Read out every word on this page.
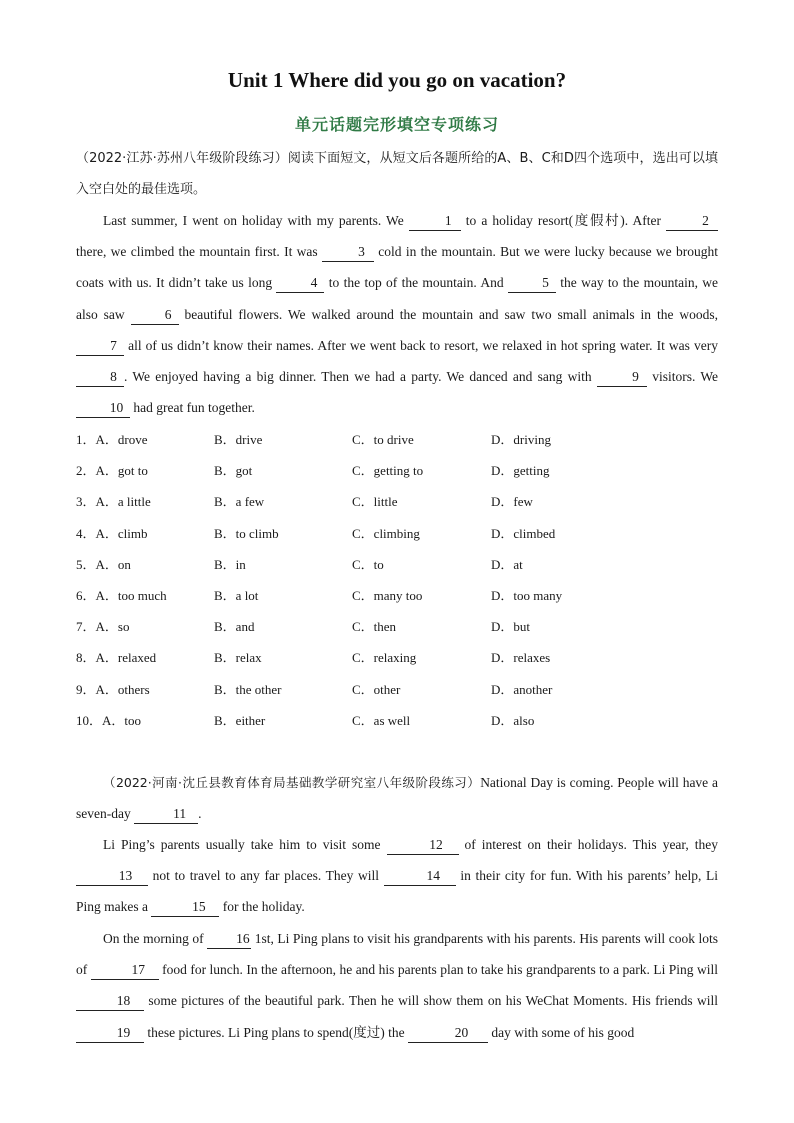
Unit 1 Where did you go on vacation?
单元话题完形填空专项练习

（2022·江苏·苏州八年级阶段练习）阅读下面短文，从短文后各题所给的A、B、C和D四个选项中，选出可以填入空白处的最佳选项。

Last summer, I went on holiday with my parents. We	1 to a holiday resort(度假村). After	2 there, we climbed the mountain first. It was	3 cold in the mountain. But we were lucky because we brought coats with us. It didn’t take us long	4 to the top of the mountain. And	5 the way to the mountain, we also saw	6 beautiful flowers. We walked around the mountain and saw two small animals in the woods, 7 all of us didn’t know their names. After we went back to resort, we relaxed in hot spring water. It was very 8 . We enjoyed having a big dinner. Then we had a party. We danced and sang with	9 visitors. We 10 had great fun together.

1．A．drove	B．drive	C．to drive	D．driving
2．A．got to	B．got	C．getting to	D．getting
3．A．a little	B．a few	C．little	D．few
4．A．climb	B．to climb	C．climbing	D．climbed
5．A．on	B．in	C．to	D．at
6．A．too much	B．a lot	C．many too	D．too many
7．A．so	B．and	C．then	D．but
8．A．relaxed	B．relax	C．relaxing	D．relaxes
9．A．others	B．the other	C．other	D．another
10．A．too	B．either	C．as well	D．also

（2022·河南·沈丘县教育体育局基础教学研究室八年级阶段练习）National Day is coming. People will have a seven-day	11 .

Li Ping’s parents usually take him to visit some	12 of interest on their holidays. This year, they 13 not to travel to any far places. They will	14 in their city for fun. With his parents’ help, Li Ping makes a	15 for the holiday.

On the morning of 16 1st, Li Ping plans to visit his grandparents with his parents. His parents will cook lots of	17 food for lunch. In the afternoon, he and his parents plan to take his grandparents to a park. Li Ping will 18 some pictures of the beautiful park. Then he will show them on his WeChat Moments. His friends will 19 these pictures. Li Ping plans to spend(度过) the	20 day with some of his good
